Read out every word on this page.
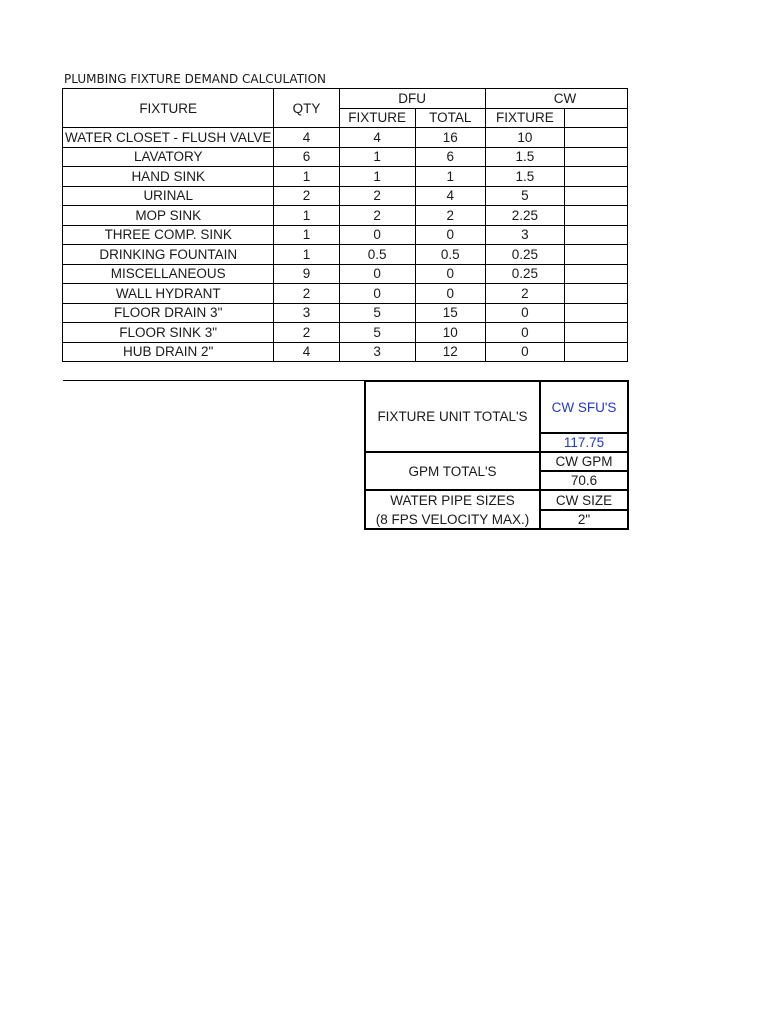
PLUMBING FIXTURE DEMAND CALCULATION
FIXTURE	QTY	DFU		CW	
		FIXTURE	TOTAL	FIXTURE	
WATER CLOSET - FLUSH VALVE	4	4	16	10	
LAVATORY	6	1	6	1.5	
HAND SINK	1	1	1	1.5	
URINAL	2	2	4	5	
MOP SINK	1	2	2	2.25	
THREE COMP. SINK	1	0	0	3	
DRINKING FOUNTAIN	1	0.5	0.5	0.25	
MISCELLANEOUS	9	0	0	0.25	
WALL HYDRANT	2	0	0	2	
FLOOR DRAIN 3"	3	5	15	0	
FLOOR SINK 3"	2	5	10	0	
HUB DRAIN 2"	4	3	12	0	
FIXTURE UNIT TOTAL'S	CW SFU'S
	117.75
GPM TOTAL'S	CW GPM
	70.6
WATER PIPE SIZES	CW SIZE
(8 FPS VELOCITY MAX.)	2"
